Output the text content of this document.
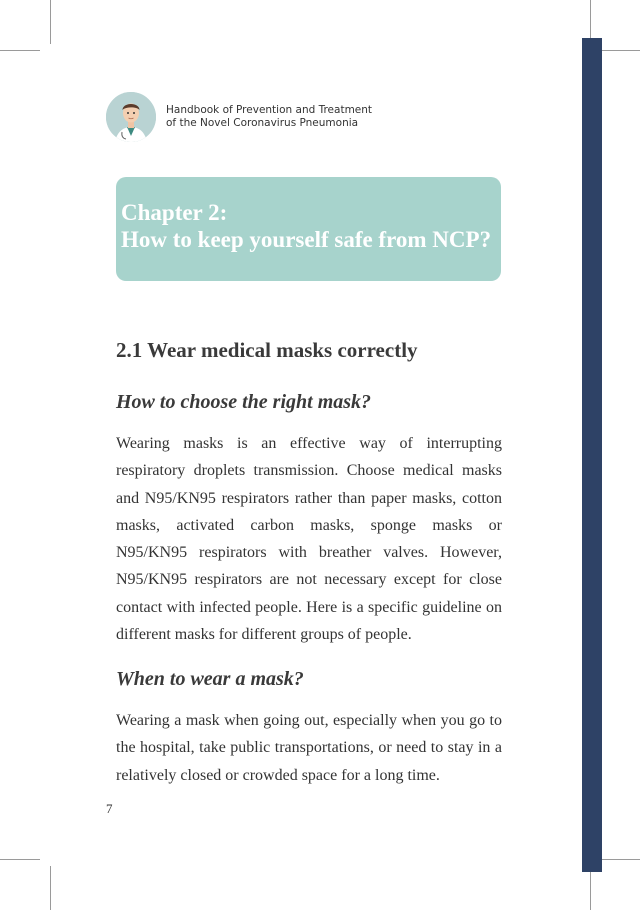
Handbook of Prevention and Treatment
of the Novel Coronavirus Pneumonia
Chapter 2:
How to keep yourself safe from NCP?
2.1 Wear medical masks correctly
How to choose the right mask?

Wearing masks is an effective way of interrupting respiratory droplets transmission. Choose medical masks and N95/KN95 respirators rather than paper masks, cotton masks, activated carbon masks, sponge masks or N95/KN95 respirators with breather valves. However, N95/KN95 respirators are not necessary except for close contact with infected people. Here is a specific guideline on different masks for different groups of people.

When to wear a mask?

Wearing a mask when going out, especially when you go to the hospital, take public transportations, or need to stay in a relatively closed or crowded space for a long time.

7
